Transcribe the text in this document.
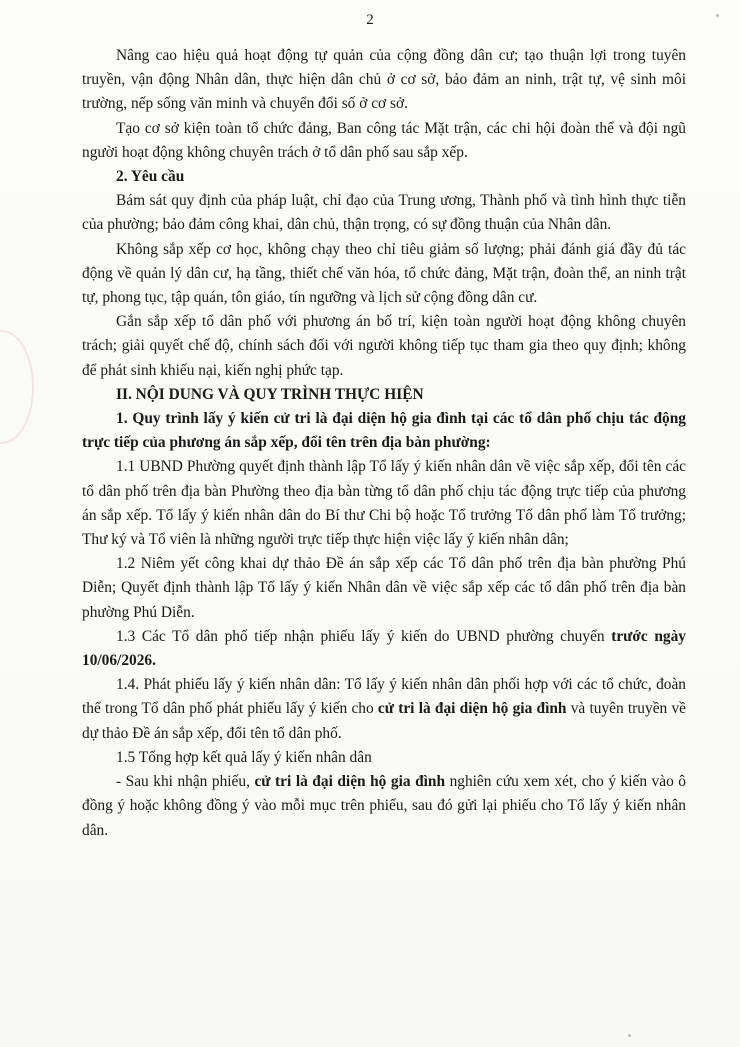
2

Nâng cao hiệu quả hoạt động tự quản của cộng đồng dân cư; tạo thuận lợi trong tuyên truyền, vận động Nhân dân, thực hiện dân chủ ở cơ sở, bảo đảm an ninh, trật tự, vệ sinh môi trường, nếp sống văn minh và chuyển đổi số ở cơ sở.

Tạo cơ sở kiện toàn tổ chức đảng, Ban công tác Mặt trận, các chi hội đoàn thể và đội ngũ người hoạt động không chuyên trách ở tổ dân phố sau sắp xếp.

2. Yêu cầu

Bám sát quy định của pháp luật, chỉ đạo của Trung ương, Thành phố và tình hình thực tiễn của phường; bảo đảm công khai, dân chủ, thận trọng, có sự đồng thuận của Nhân dân.

Không sắp xếp cơ học, không chạy theo chỉ tiêu giảm số lượng; phải đánh giá đầy đủ tác động về quản lý dân cư, hạ tầng, thiết chế văn hóa, tổ chức đảng, Mặt trận, đoàn thể, an ninh trật tự, phong tục, tập quán, tôn giáo, tín ngưỡng và lịch sử cộng đồng dân cư.

Gắn sắp xếp tổ dân phố với phương án bố trí, kiện toàn người hoạt động không chuyên trách; giải quyết chế độ, chính sách đối với người không tiếp tục tham gia theo quy định; không để phát sinh khiếu nại, kiến nghị phức tạp.

II. NỘI DUNG VÀ QUY TRÌNH THỰC HIỆN

1. Quy trình lấy ý kiến cử tri là đại diện hộ gia đình tại các tổ dân phố chịu tác động trực tiếp của phương án sắp xếp, đổi tên trên địa bàn phường:

1.1 UBND Phường quyết định thành lập Tổ lấy ý kiến nhân dân về việc sắp xếp, đổi tên các tổ dân phố trên địa bàn Phường theo địa bàn từng tổ dân phố chịu tác động trực tiếp của phương án sắp xếp. Tổ lấy ý kiến nhân dân do Bí thư Chi bộ hoặc Tổ trưởng Tổ dân phố làm Tổ trưởng; Thư ký và Tổ viên là những người trực tiếp thực hiện việc lấy ý kiến nhân dân;

1.2 Niêm yết công khai dự thảo Đề án sắp xếp các Tổ dân phố trên địa bàn phường Phú Diễn; Quyết định thành lập Tổ lấy ý kiến Nhân dân về việc sắp xếp các tổ dân phố trên địa bàn phường Phú Diễn.

1.3 Các Tổ dân phố tiếp nhận phiếu lấy ý kiến do UBND phường chuyển trước ngày 10/06/2026.

1.4. Phát phiếu lấy ý kiến nhân dân: Tổ lấy ý kiến nhân dân phối hợp với các tổ chức, đoàn thể trong Tổ dân phố phát phiếu lấy ý kiến cho cử tri là đại diện hộ gia đình và tuyên truyền về dự thảo Đề án sắp xếp, đổi tên tổ dân phố.

1.5 Tổng hợp kết quả lấy ý kiến nhân dân

- Sau khi nhận phiếu, cử tri là đại diện hộ gia đình nghiên cứu xem xét, cho ý kiến vào ô đồng ý hoặc không đồng ý vào mỗi mục trên phiếu, sau đó gửi lại phiếu cho Tổ lấy ý kiến nhân dân.
